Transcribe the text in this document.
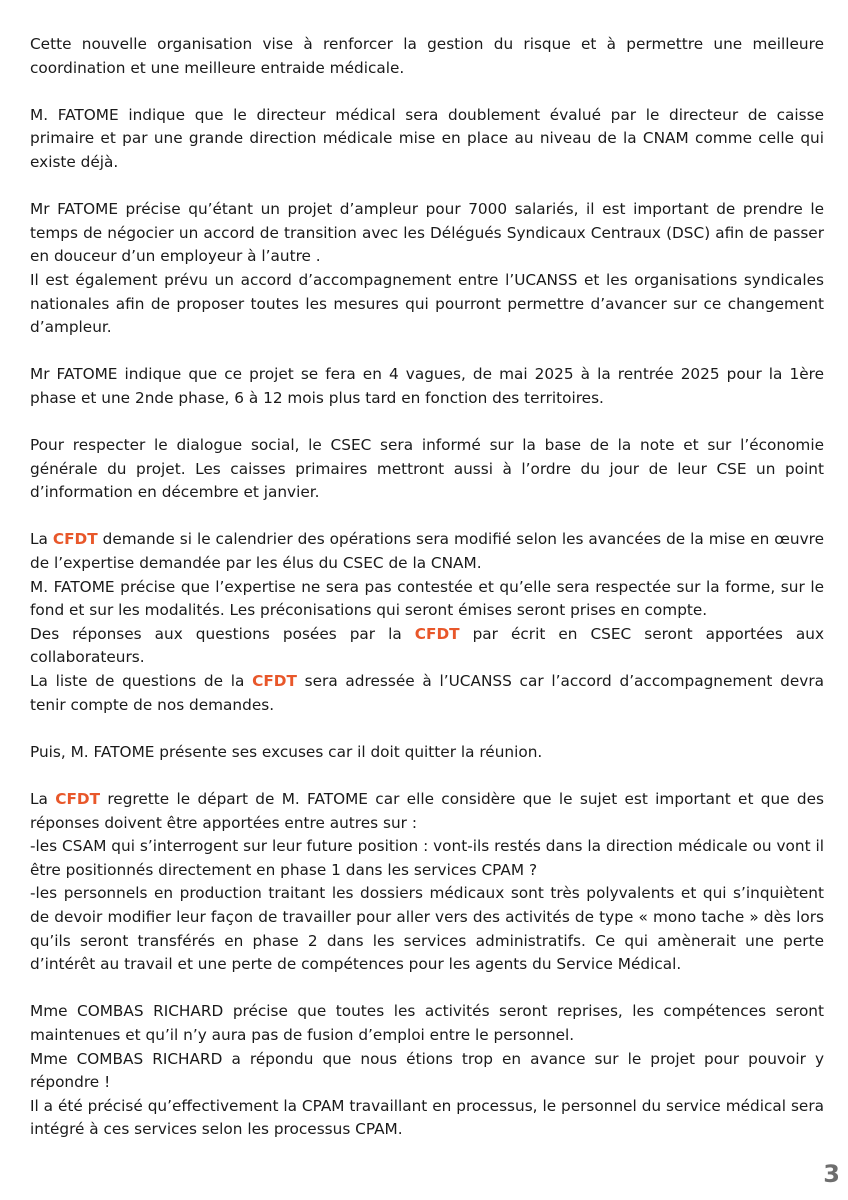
Cette nouvelle organisation vise à renforcer la gestion du risque et à permettre une meilleure coordination et une meilleure entraide médicale.

M. FATOME indique que le directeur médical sera doublement évalué par le directeur de caisse primaire et par une grande direction médicale mise en place au niveau de la CNAM comme celle qui existe déjà.

Mr FATOME précise qu’étant un projet d’ampleur pour 7000 salariés, il est important de prendre le temps de négocier un accord de transition avec les Délégués Syndicaux Centraux (DSC) afin de passer en douceur d’un employeur à l’autre .

Il est également prévu un accord d’accompagnement entre l’UCANSS et les organisations syndicales nationales afin de proposer toutes les mesures qui pourront permettre d’avancer sur ce changement d’ampleur.

Mr FATOME indique que ce projet se fera en 4 vagues, de mai 2025 à la rentrée 2025 pour la 1ère phase et une 2nde phase, 6 à 12 mois plus tard en fonction des territoires.

Pour respecter le dialogue social, le CSEC sera informé sur la base de la note et sur l’économie générale du projet. Les caisses primaires mettront aussi à l’ordre du jour de leur CSE un point d’information en décembre et janvier.

La CFDT demande si le calendrier des opérations sera modifié selon les avancées de la mise en œuvre de l’expertise demandée par les élus du CSEC de la CNAM.

M. FATOME précise que l’expertise ne sera pas contestée et qu’elle sera respectée sur la forme, sur le fond et sur les modalités. Les préconisations qui seront émises seront prises en compte.

Des réponses aux questions posées par la CFDT par écrit en CSEC seront apportées aux collaborateurs.

La liste de questions de la CFDT sera adressée à l’UCANSS car l’accord d’accompagnement devra tenir compte de nos demandes.

Puis, M. FATOME présente ses excuses car il doit quitter la réunion.

La CFDT regrette le départ de M. FATOME car elle considère que le sujet est important et que des réponses doivent être apportées entre autres sur :

-les CSAM qui s’interrogent sur leur future position : vont-ils restés dans la direction médicale ou vont il être positionnés directement en phase 1 dans les services CPAM ?

-les personnels en production traitant les dossiers médicaux sont très polyvalents et qui s’inquiètent de devoir modifier leur façon de travailler pour aller vers des activités de type « mono tache » dès lors qu’ils seront transférés en phase 2 dans les services administratifs. Ce qui amènerait une perte d’intérêt au travail et une perte de compétences pour les agents du Service Médical.

Mme COMBAS RICHARD précise que toutes les activités seront reprises, les compétences seront maintenues et qu’il n’y aura pas de fusion d’emploi entre le personnel.

Mme COMBAS RICHARD a répondu que nous étions trop en avance sur le projet pour pouvoir y répondre !

Il a été précisé qu’effectivement la CPAM travaillant en processus, le personnel du service médical sera intégré à ces services selon les processus CPAM.

3
